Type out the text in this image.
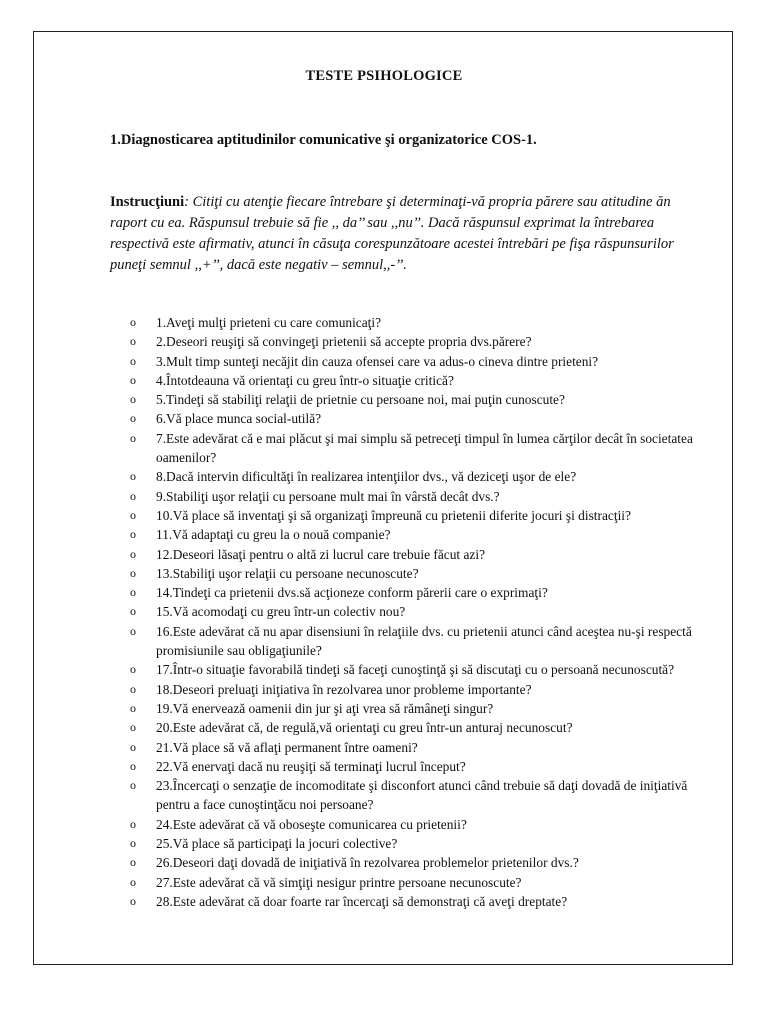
TESTE PSIHOLOGICE
1.Diagnosticarea aptitudinilor comunicative şi organizatorice COS-1.
Instrucţiuni: Citiţi cu atenţie fiecare întrebare şi determinaţi-vă propria părere sau atitudine ăn raport cu ea. Răspunsul trebuie să fie ,, da’’ sau ,,nu’’. Dacă răspunsul exprimat la întrebarea respectivă este afirmativ, atunci în căsuţa corespunzătoare acestei întrebări pe fişa răspunsurilor puneţi semnul ,,+’’, dacă este negativ – semnul,,-’’.
o 1.Aveţi mulţi prieteni cu care comunicaţi?
o 2.Deseori reuşiţi să convingeţi prietenii să accepte propria dvs.părere?
o 3.Mult timp sunteţi necăjit din cauza ofensei care va adus-o cineva dintre prieteni?
o 4.Întotdeauna vă orientaţi cu greu într-o situaţie critică?
o 5.Tindeţi să stabiliţi relaţii de prietnie cu persoane noi, mai puţin cunoscute?
o 6.Vă place munca social-utilă?
o 7.Este adevărat că e mai plăcut şi mai simplu să petreceţi timpul în lumea cărţilor decât în societatea oamenilor?
o 8.Dacă intervin dificultăţi în realizarea intenţiilor dvs., vă deziceţi uşor de ele?
o 9.Stabiliţi uşor relaţii cu persoane mult mai în vârstă decât dvs.?
o 10.Vă place să inventaţi şi să organizaţi împreună cu prietenii diferite jocuri şi distracţii?
o 11.Vă adaptaţi cu greu la o nouă companie?
o 12.Deseori lăsaţi pentru o altă zi lucrul care trebuie făcut azi?
o 13.Stabiliţi uşor relaţii cu persoane necunoscute?
o 14.Tindeţi ca prietenii dvs.să acţioneze conform părerii care o exprimaţi?
o 15.Vă acomodaţi cu greu într-un colectiv nou?
o 16.Este adevărat că nu apar disensiuni în relaţiile dvs. cu prietenii atunci când aceştea nu-şi respectă promisiunile sau obligaţiunile?
o 17.Într-o situaţie favorabilă tindeţi să faceţi cunoştinţă şi să discutaţi cu o persoană necunoscută?
o 18.Deseori preluaţi iniţiativa în rezolvarea unor probleme importante?
o 19.Vă enervează oamenii din jur şi aţi vrea să rămâneţi singur?
o 20.Este adevărat că, de regulă,vă orientaţi cu greu într-un anturaj necunoscut?
o 21.Vă place să vă aflaţi permanent între oameni?
o 22.Vă enervaţi dacă nu reuşiţi să terminaţi lucrul început?
o 23.Încercaţi o senzaţie de incomoditate şi disconfort atunci când trebuie să daţi dovadă de iniţiativă pentru a face cunoştinţăcu noi persoane?
o 24.Este adevărat că vă oboseşte comunicarea cu prietenii?
o 25.Vă place să participaţi la jocuri colective?
o 26.Deseori daţi dovadă de iniţiativă în rezolvarea problemelor prietenilor dvs.?
o 27.Este adevărat că vă simţiţi nesigur printre persoane necunoscute?
o 28.Este adevărat că doar foarte rar încercaţi să demonstraţi că aveţi dreptate?
